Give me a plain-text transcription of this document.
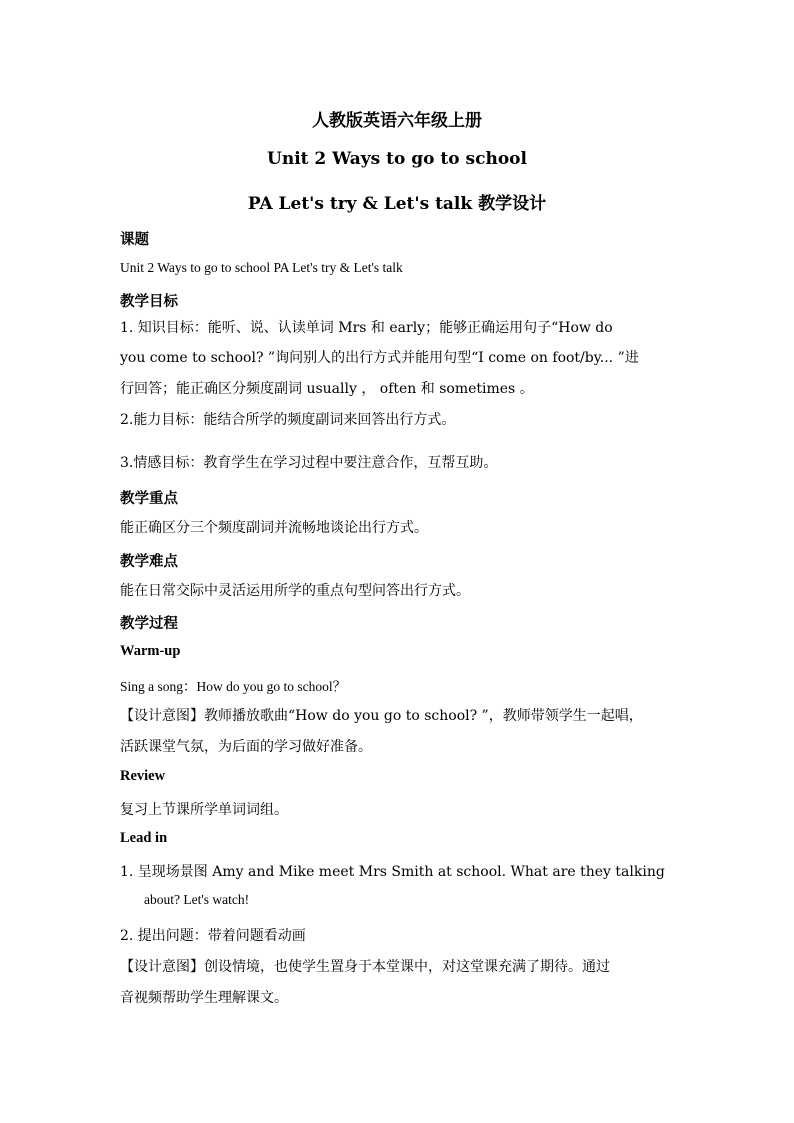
人教版英语六年级上册
Unit 2 Ways to go to school
PA Let's try & Let's talk 教学设计
课题
Unit 2 Ways to go to school PA Let's try & Let's talk
教学目标
1. 知识目标：能听、说、认读单词 Mrs 和 early；能够正确运用句子“How do
you come to school? ”询问别人的出行方式并能用句型“I come on foot/by... ”进
行回答；能正确区分频度副词 usually ， often 和 sometimes 。
2.能力目标：能结合所学的频度副词来回答出行方式。
3.情感目标：教育学生在学习过程中要注意合作，互帮互助。
教学重点
能正确区分三个频度副词并流畅地谈论出行方式。
教学难点
能在日常交际中灵活运用所学的重点句型问答出行方式。
教学过程
Warm-up
Sing a song：How do you go to school？
【设计意图】教师播放歌曲“How do you go to school? ”，教师带领学生一起唱，
活跃课堂气氛，为后面的学习做好准备。
Review
复习上节课所学单词词组。
Lead in
1. 呈现场景图 Amy and Mike meet Mrs Smith at school. What are they talking
about? Let's watch!
2. 提出问题：带着问题看动画
【设计意图】创设情境，也使学生置身于本堂课中，对这堂课充满了期待。通过
音视频帮助学生理解课文。
